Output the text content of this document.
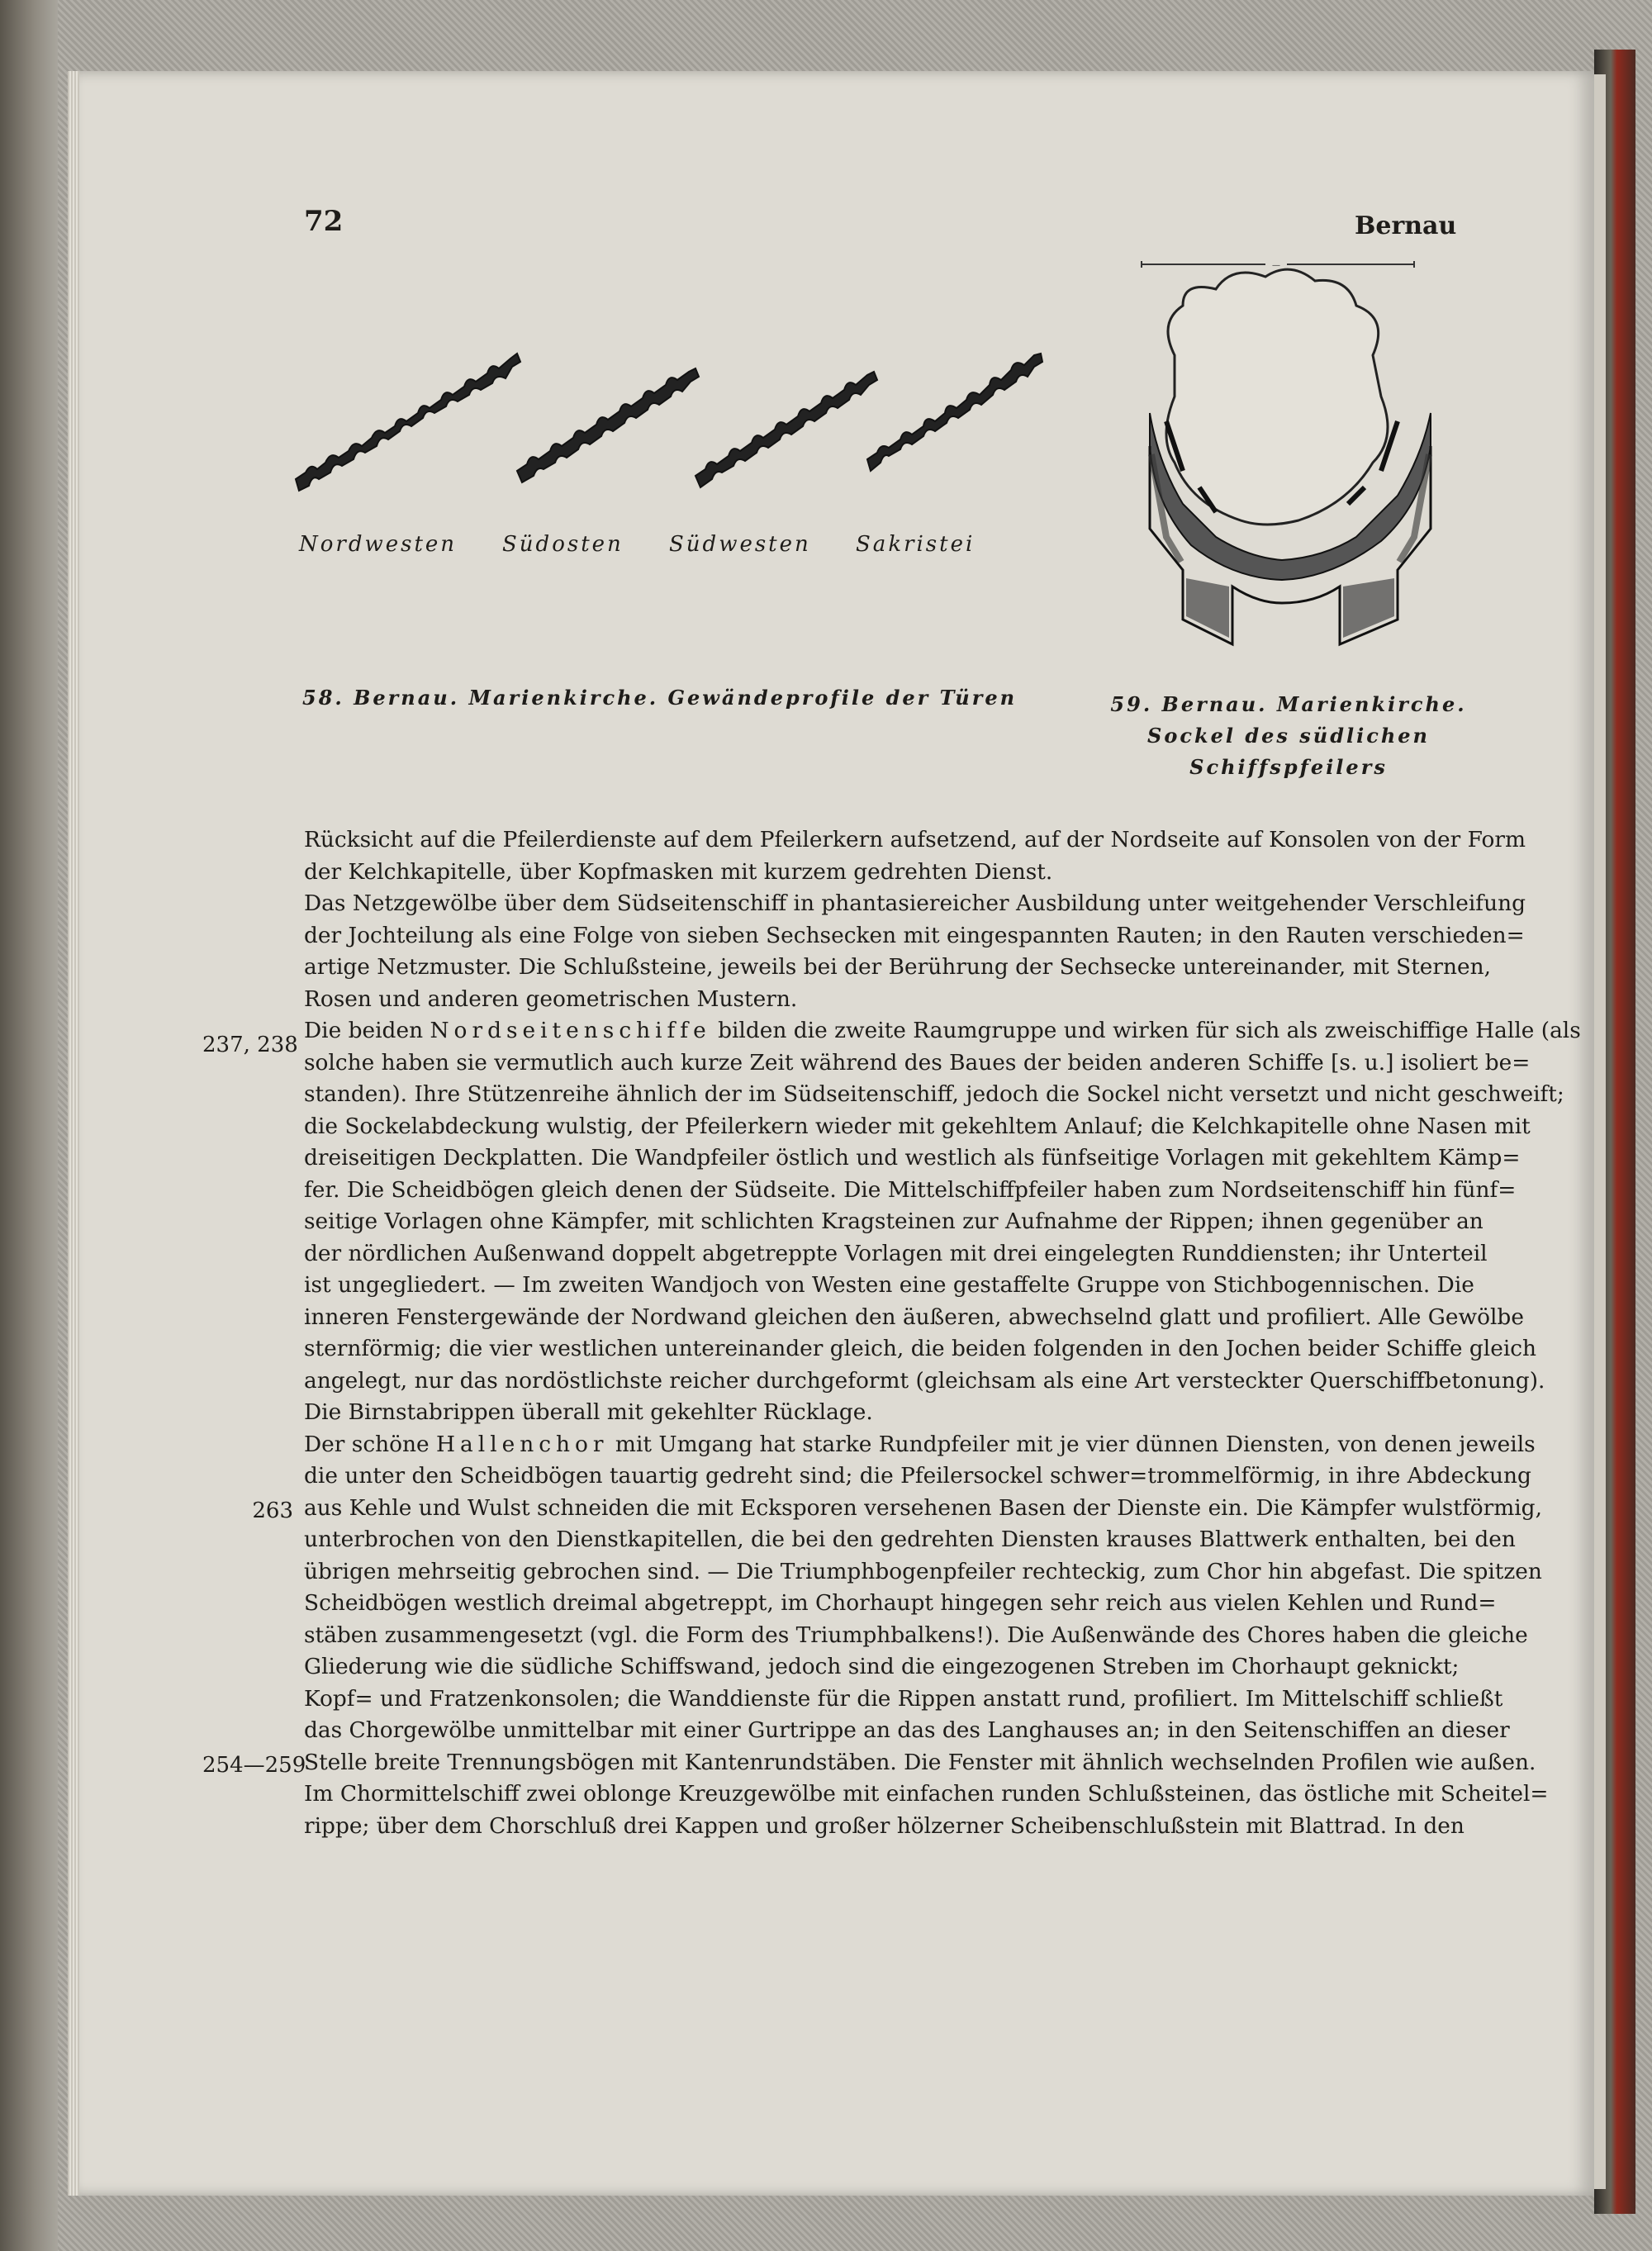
72	Bernau
Nordwesten Südosten Südwesten Sakristei
58. Bernau. Marienkirche. Gewändeprofile der Türen
—
59. Bernau. Marienkirche.
Sockel des südlichen
Schiffspfeilers
237, 238
263
254—259
Rücksicht auf die Pfeilerdienste auf dem Pfeilerkern aufsetzend, auf der Nordseite auf Konsolen von der Form
der Kelchkapitelle, über Kopfmasken mit kurzem gedrehten Dienst.
Das Netzgewölbe über dem Südseitenschiff in phantasiereicher Ausbildung unter weitgehender Verschleifung
der Jochteilung als eine Folge von sieben Sechsecken mit eingespannten Rauten; in den Rauten verschieden=
artige Netzmuster. Die Schlußsteine, jeweils bei der Berührung der Sechsecke untereinander, mit Sternen,
Rosen und anderen geometrischen Mustern.
Die beiden Nordseitenschiffe bilden die zweite Raumgruppe und wirken für sich als zweischiffige Halle (als
solche haben sie vermutlich auch kurze Zeit während des Baues der beiden anderen Schiffe [s. u.] isoliert be=
standen). Ihre Stützenreihe ähnlich der im Südseitenschiff, jedoch die Sockel nicht versetzt und nicht geschweift;
die Sockelabdeckung wulstig, der Pfeilerkern wieder mit gekehltem Anlauf; die Kelchkapitelle ohne Nasen mit
dreiseitigen Deckplatten. Die Wandpfeiler östlich und westlich als fünfseitige Vorlagen mit gekehltem Kämp=
fer. Die Scheidbögen gleich denen der Südseite. Die Mittelschiffpfeiler haben zum Nordseitenschiff hin fünf=
seitige Vorlagen ohne Kämpfer, mit schlichten Kragsteinen zur Aufnahme der Rippen; ihnen gegenüber an
der nördlichen Außenwand doppelt abgetreppte Vorlagen mit drei eingelegten Runddiensten; ihr Unterteil
ist ungegliedert. — Im zweiten Wandjoch von Westen eine gestaffelte Gruppe von Stichbogennischen. Die
inneren Fenstergewände der Nordwand gleichen den äußeren, abwechselnd glatt und profiliert. Alle Gewölbe
sternförmig; die vier westlichen untereinander gleich, die beiden folgenden in den Jochen beider Schiffe gleich
angelegt, nur das nordöstlichste reicher durchgeformt (gleichsam als eine Art versteckter Querschiffbetonung).
Die Birnstabrippen überall mit gekehlter Rücklage.
Der schöne Hallenchor mit Umgang hat starke Rundpfeiler mit je vier dünnen Diensten, von denen jeweils
die unter den Scheidbögen tauartig gedreht sind; die Pfeilersockel schwer=trommelförmig, in ihre Abdeckung
aus Kehle und Wulst schneiden die mit Ecksporen versehenen Basen der Dienste ein. Die Kämpfer wulstförmig,
unterbrochen von den Dienstkapitellen, die bei den gedrehten Diensten krauses Blattwerk enthalten, bei den
übrigen mehrseitig gebrochen sind. — Die Triumphbogenpfeiler rechteckig, zum Chor hin abgefast. Die spitzen
Scheidbögen westlich dreimal abgetreppt, im Chorhaupt hingegen sehr reich aus vielen Kehlen und Rund=
stäben zusammengesetzt (vgl. die Form des Triumphbalkens!). Die Außenwände des Chores haben die gleiche
Gliederung wie die südliche Schiffswand, jedoch sind die eingezogenen Streben im Chorhaupt geknickt;
Kopf= und Fratzenkonsolen; die Wanddienste für die Rippen anstatt rund, profiliert. Im Mittelschiff schließt
das Chorgewölbe unmittelbar mit einer Gurtrippe an das des Langhauses an; in den Seitenschiffen an dieser
Stelle breite Trennungsbögen mit Kantenrundstäben. Die Fenster mit ähnlich wechselnden Profilen wie außen.
Im Chormittelschiff zwei oblonge Kreuzgewölbe mit einfachen runden Schlußsteinen, das östliche mit Scheitel=
rippe; über dem Chorschluß drei Kappen und großer hölzerner Scheibenschlußstein mit Blattrad. In den
